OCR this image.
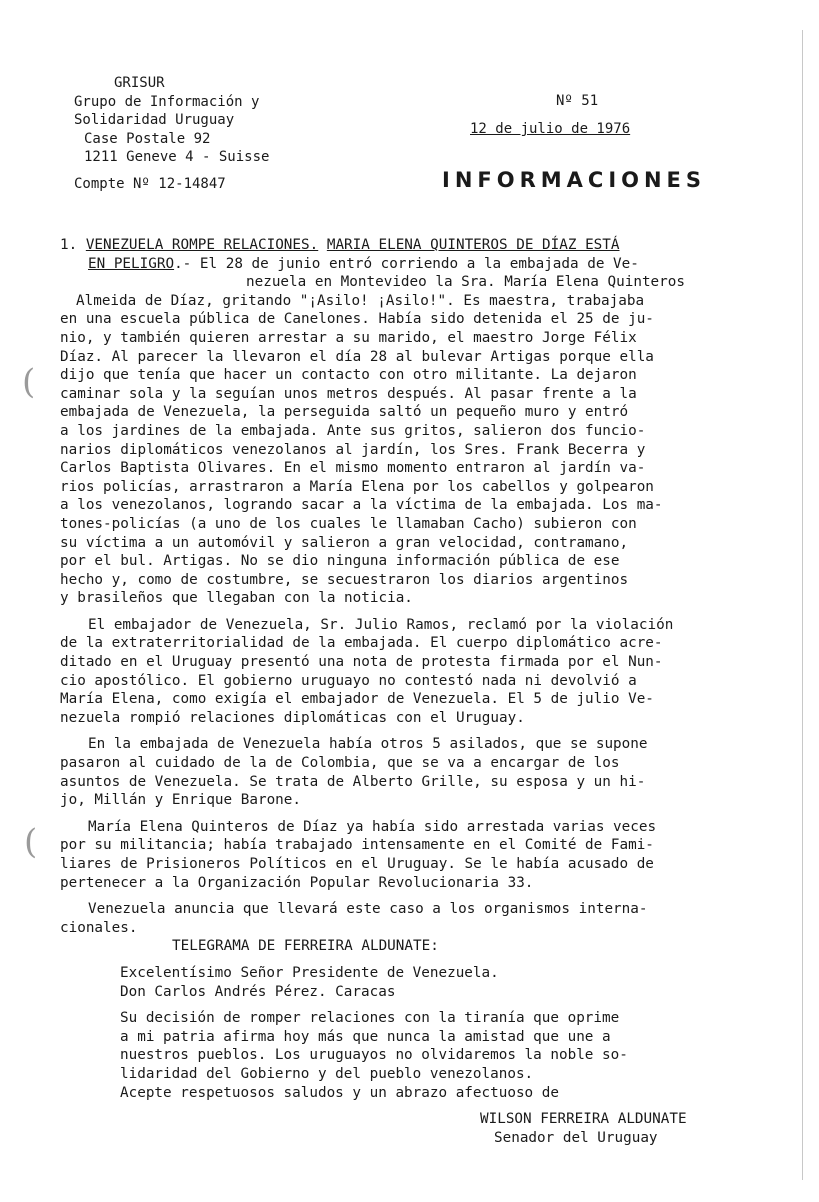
(
(
GRISUR
Grupo de Información y
Solidaridad Uruguay
Case Postale 92
1211 Geneve 4 - Suisse
Compte Nº 12-14847
Nº 51
12 de julio de 1976
INFORMACIONES
1. VENEZUELA ROMPE RELACIONES. MARIA ELENA QUINTEROS DE DÍAZ ESTÁ
EN PELIGRO.- El 28 de junio entró corriendo a la embajada de Ve-
nezuela en Montevideo la Sra. María Elena Quinteros
Almeida de Díaz, gritando "¡Asilo! ¡Asilo!". Es maestra, trabajaba
en una escuela pública de Canelones. Había sido detenida el 25 de ju-
nio, y también quieren arrestar a su marido, el maestro Jorge Félix
Díaz. Al parecer la llevaron el día 28 al bulevar Artigas porque ella
dijo que tenía que hacer un contacto con otro militante. La dejaron
caminar sola y la seguían unos metros después. Al pasar frente a la
embajada de Venezuela, la perseguida saltó un pequeño muro y entró
a los jardines de la embajada. Ante sus gritos, salieron dos funcio-
narios diplomáticos venezolanos al jardín, los Sres. Frank Becerra y
Carlos Baptista Olivares. En el mismo momento entraron al jardín va-
rios policías, arrastraron a María Elena por los cabellos y golpearon
a los venezolanos, logrando sacar a la víctima de la embajada. Los ma-
tones-policías (a uno de los cuales le llamaban Cacho) subieron con
su víctima a un automóvil y salieron a gran velocidad, contramano,
por el bul. Artigas. No se dio ninguna información pública de ese
hecho y, como de costumbre, se secuestraron los diarios argentinos
y brasileños que llegaban con la noticia.
El embajador de Venezuela, Sr. Julio Ramos, reclamó por la violación
de la extraterritorialidad de la embajada. El cuerpo diplomático acre-
ditado en el Uruguay presentó una nota de protesta firmada por el Nun-
cio apostólico. El gobierno uruguayo no contestó nada ni devolvió a
María Elena, como exigía el embajador de Venezuela. El 5 de julio Ve-
nezuela rompió relaciones diplomáticas con el Uruguay.
En la embajada de Venezuela había otros 5 asilados, que se supone
pasaron al cuidado de la de Colombia, que se va a encargar de los
asuntos de Venezuela. Se trata de Alberto Grille, su esposa y un hi-
jo, Millán y Enrique Barone.
María Elena Quinteros de Díaz ya había sido arrestada varias veces
por su militancia; había trabajado intensamente en el Comité de Fami-
liares de Prisioneros Políticos en el Uruguay. Se le había acusado de
pertenecer a la Organización Popular Revolucionaria 33.
Venezuela anuncia que llevará este caso a los organismos interna-
cionales.
TELEGRAMA DE FERREIRA ALDUNATE:
Excelentísimo Señor Presidente de Venezuela.
Don Carlos Andrés Pérez. Caracas
Su decisión de romper relaciones con la tiranía que oprime
a mi patria afirma hoy más que nunca la amistad que une a
nuestros pueblos. Los uruguayos no olvidaremos la noble so-
lidaridad del Gobierno y del pueblo venezolanos.
Acepte respetuosos saludos y un abrazo afectuoso de
WILSON FERREIRA ALDUNATE
Senador del Uruguay
